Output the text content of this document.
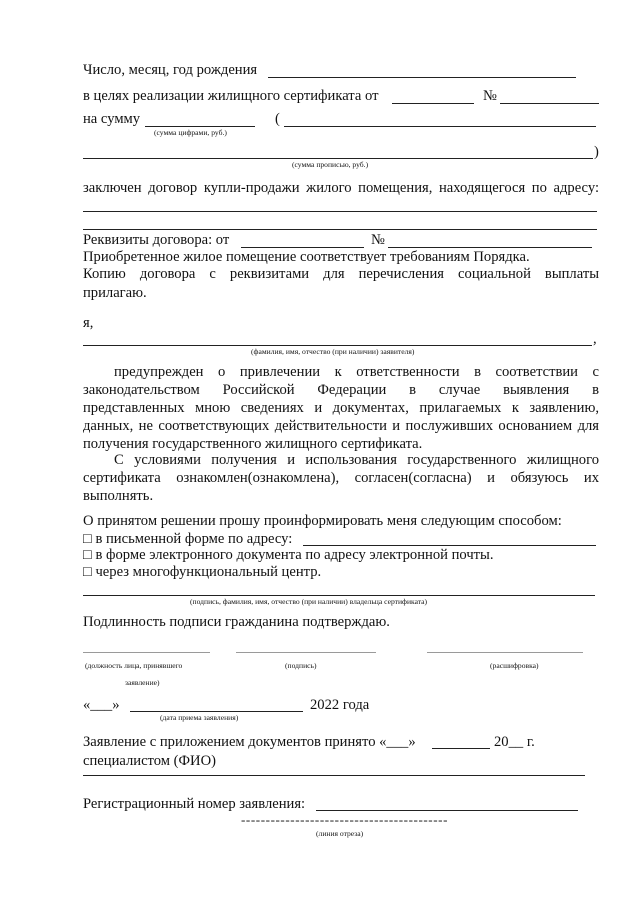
Число, месяц, год рождения
в целях реализации жилищного сертификата от	№
на сумму
(сумма цифрами, руб.)
(
)
(сумма прописью, руб.)
заключен договор купли-продажи жилого помещения, находящегося по адресу:
Реквизиты договора: от	№
Приобретенное жилое помещение соответствует требованиям Порядка.
Копию договора с реквизитами для перечисления социальной выплаты
прилагаю.
я,
,
(фамилия, имя, отчество (при наличии) заявителя)
предупрежден о привлечении к ответственности в соответствии с
законодательством Российской Федерации в случае выявления в
представленных мною сведениях и документах, прилагаемых к заявлению,
данных, не соответствующих действительности и послуживших основанием для
получения государственного жилищного сертификата.
С условиями получения и использования государственного жилищного
сертификата ознакомлен(ознакомлена), согласен(согласна) и обязуюсь их
выполнять.
О принятом решении прошу проинформировать меня следующим способом:
□ в письменной форме по адресу:
□ в форме электронного документа по адресу электронной почты.
□ через многофункциональный центр.
(подпись, фамилия, имя, отчество (при наличии) владельца сертификата)
Подлинность подписи гражданина подтверждаю.
(должность лица, принявшего
заявление)
(подпись)	(расшифровка)
«___»	2022 года
(дата приема заявления)
Заявление с приложением документов принято «___»	20__ г.
специалистом (ФИО)
Регистрационный номер заявления:
------------------------------------------
(линия отреза)
